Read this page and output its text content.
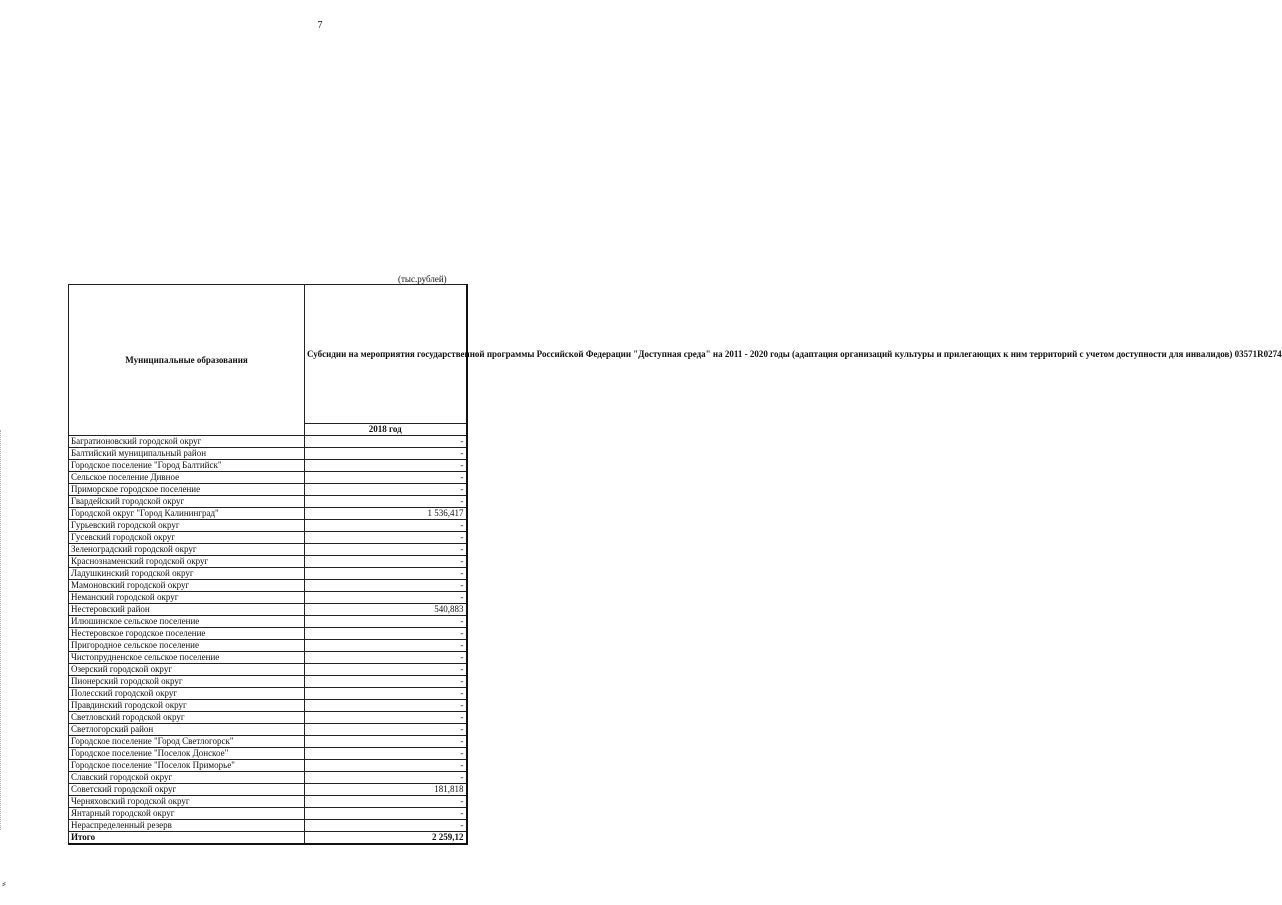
7
(тыс.рублей)
Муниципальные образования	Субсидии на мероприятия государственной программы Российской Федерации "Доступная среда" на 2011 - 2020 годы (адаптация организаций культуры и прилегающих к ним территорий с учетом доступности для инвалидов) 03571R0274
	2018 год
Багратионовский городской округ	-
Балтийский муниципальный район	-
Городское поселение "Город Балтийск"	-
Сельское поселение Дивное	-
Приморское городское поселение	-
Гвардейский городской округ	-
Городской округ "Город Калининград"	1 536,417
Гурьевский городской округ	-
Гусевский городской округ	-
Зеленоградский городской округ	-
Краснознаменский городской округ	-
Ладушкинский городской округ	-
Мамоновский городской округ	-
Неманский городской округ	-
Нестеровский район	540,883
Илюшинское сельское поселение	-
Нестеровское городское поселение	-
Пригородное сельское поселение	-
Чистопрудненское сельское поселение	-
Озерский городской округ	-
Пионерский городской округ	-
Полесский городской округ	-
Правдинский городской округ	-
Светловский городской округ	-
Светлогорский район	-
Городское поселение "Город Светлогорск"	-
Городское поселение "Поселок Донское"	-
Городское поселение "Поселок Приморье"	-
Славский городской округ	-
Советский городской округ	181,818
Черняховский городской округ	-
Янтарный городской округ	-
Нераспределенный резерв	-
Итого	2 259,12
⸗
